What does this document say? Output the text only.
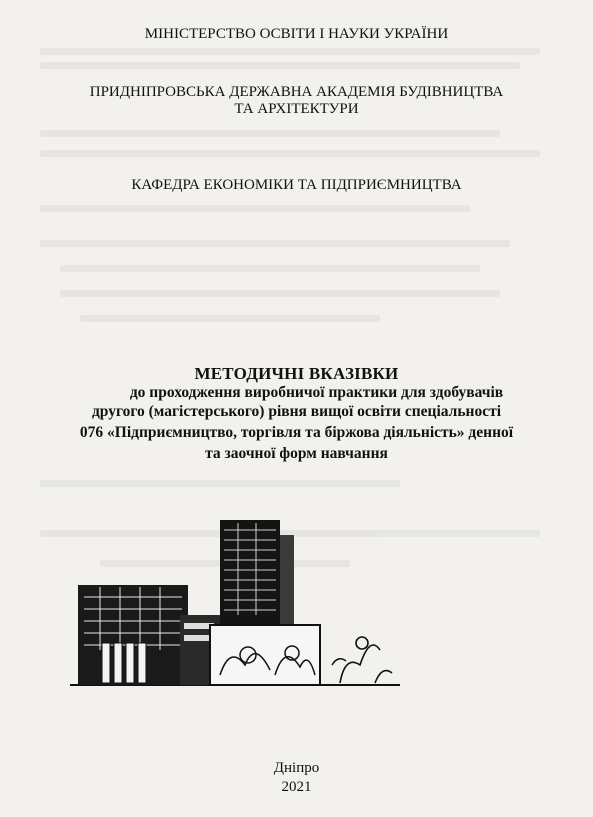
МІНІСТЕРСТВО ОСВІТИ І НАУКИ УКРАЇНИ
ПРИДНІПРОВСЬКА ДЕРЖАВНА АКАДЕМІЯ БУДІВНИЦТВА
ТА АРХІТЕКТУРИ
КАФЕДРА ЕКОНОМІКИ ТА ПІДПРИЄМНИЦТВА
МЕТОДИЧНІ ВКАЗІВКИ
до проходження виробничої практики для здобувачів
другого (магістерського) рівня вищої освіти спеціальності
076 «Підприємництво, торгівля та біржова діяльність» денної
та заочної форм навчання
Дніпро
2021
